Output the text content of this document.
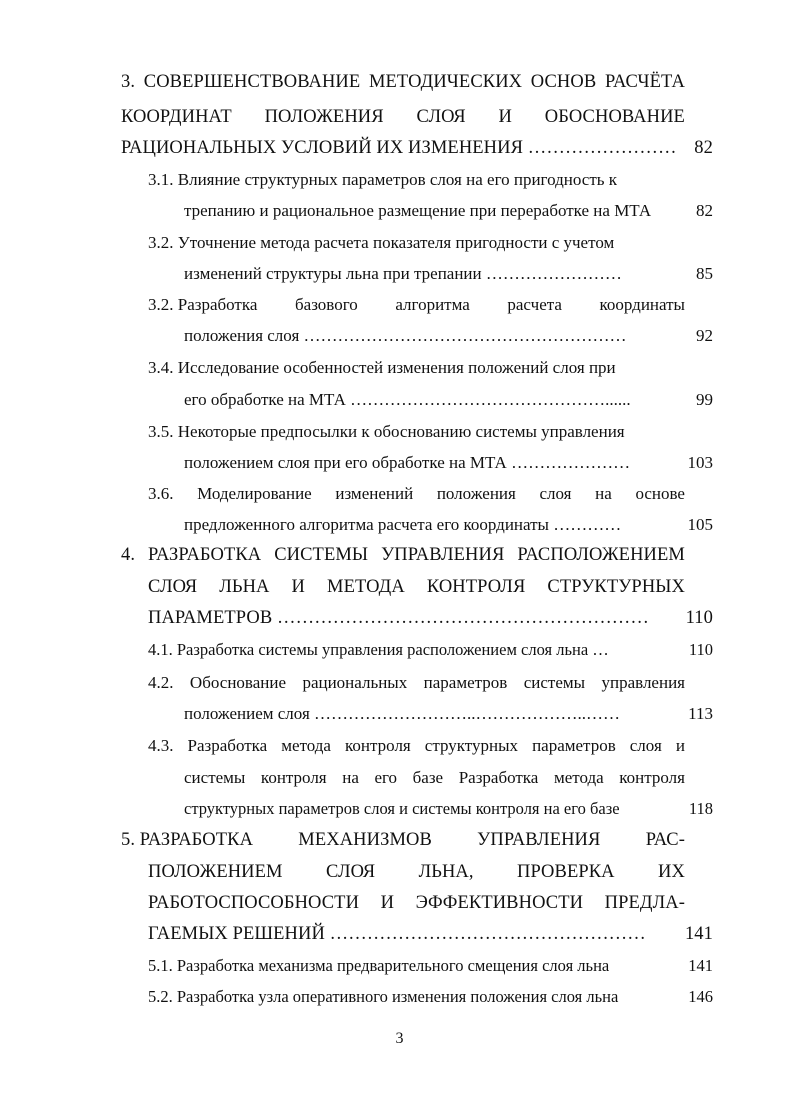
3. СОВЕРШЕНСТВОВАНИЕ МЕТОДИЧЕСКИХ ОСНОВ РАСЧЁТА
КООРДИНАТ ПОЛОЖЕНИЯ СЛОЯ И ОБОСНОВАНИЕ
РАЦИОНАЛЬНЫХ УСЛОВИЙ ИХ ИЗМЕНЕНИЯ …………………… 82
3.1. Влияние структурных параметров слоя на его пригодность к
трепанию и рациональное размещение при переработке на МТА	82
3.2. Уточнение метода расчета показателя пригодности с учетом
изменений структуры льна при трепании ……………………	85
3.2. Разработка базового алгоритма расчета координаты
положения слоя …………………………………………………	92
3.4. Исследование особенностей изменения положений слоя при
его обработке на МТА ………………………………………......	99
3.5. Некоторые предпосылки к обоснованию системы управления
положением слоя при его обработке на МТА …………………	103
3.6. Моделирование изменений положения слоя на основе
предложенного алгоритма расчета его координаты …………	105
4. РАЗРАБОТКА СИСТЕМЫ УПРАВЛЕНИЯ РАСПОЛОЖЕНИЕМ
СЛОЯ ЛЬНА И МЕТОДА КОНТРОЛЯ СТРУКТУРНЫХ
ПАРАМЕТРОВ …………………………………………………… 110
4.1. Разработка системы управления расположением слоя льна …	110
4.2. Обоснование рациональных параметров системы управления
положением слоя ………………………..………………..……	113
4.3. Разработка метода контроля структурных параметров слоя и
системы контроля на его базе Разработка метода контроля
структурных параметров слоя и системы контроля на его базе	118
5. РАЗРАБОТКА МЕХАНИЗМОВ УПРАВЛЕНИЯ РАС-
ПОЛОЖЕНИЕМ СЛОЯ ЛЬНА, ПРОВЕРКА ИХ
РАБОТОСПОСОБНОСТИ И ЭФФЕКТИВНОСТИ ПРЕДЛА-
ГАЕМЫХ РЕШЕНИЙ …………………………………………… 141
5.1. Разработка механизма предварительного смещения слоя льна	141
5.2. Разработка узла оперативного изменения положения слоя льна	146
3
